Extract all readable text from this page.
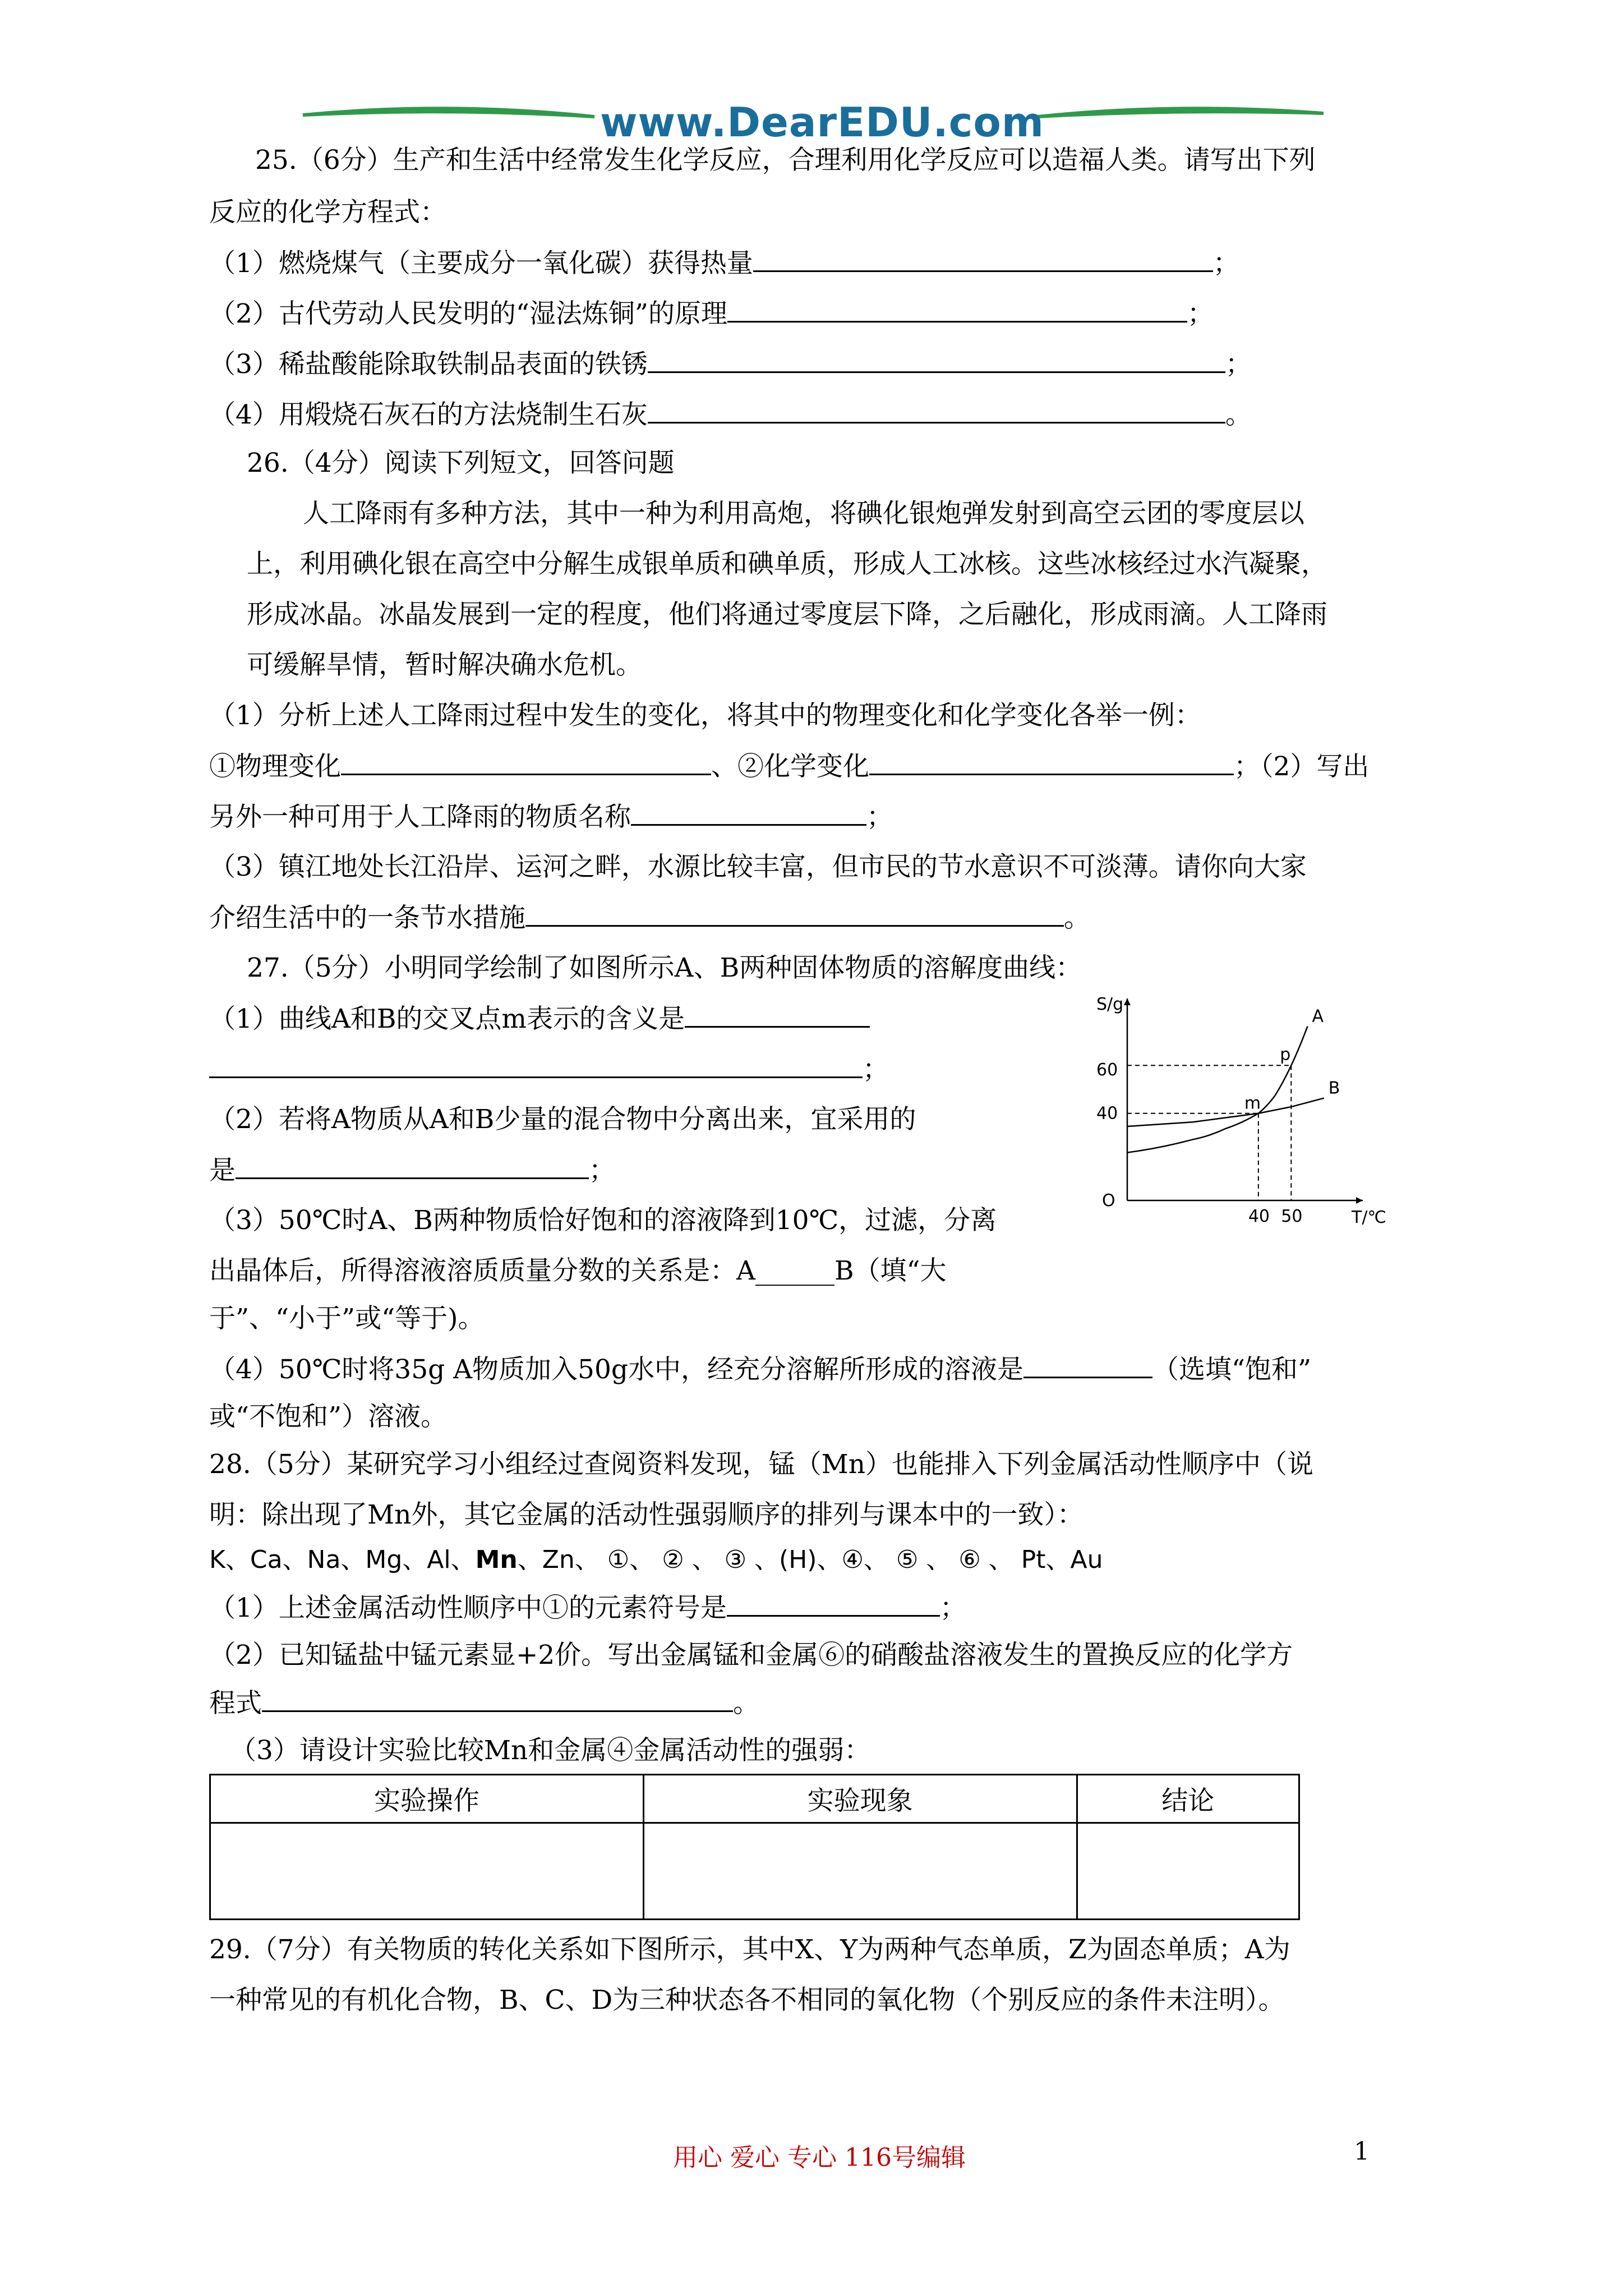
www.DearEDU.com
25.（6分）生产和生活中经常发生化学反应，合理利用化学反应可以造福人类。请写出下列
反应的化学方程式：
（1）燃烧煤气（主要成分一氧化碳）获得热量	；
（2）古代劳动人民发明的“湿法炼铜”的原理	；
（3）稀盐酸能除取铁制品表面的铁锈	；
（4）用煅烧石灰石的方法烧制生石灰	。
26.（4分）阅读下列短文，回答问题
人工降雨有多种方法，其中一种为利用高炮，将碘化银炮弹发射到高空云团的零度层以
上，利用碘化银在高空中分解生成银单质和碘单质，形成人工冰核。这些冰核经过水汽凝聚，
形成冰晶。冰晶发展到一定的程度，他们将通过零度层下降，之后融化，形成雨滴。人工降雨
可缓解旱情，暂时解决确水危机。
（1）分析上述人工降雨过程中发生的变化，将其中的物理变化和化学变化各举一例：
①物理变化	、②化学变化	；（2）写出
另外一种可用于人工降雨的物质名称	；
（3）镇江地处长江沿岸、运河之畔，水源比较丰富，但市民的节水意识不可淡薄。请你向大家
介绍生活中的一条节水措施	。
27.（5分）小明同学绘制了如图所示A、B两种固体物质的溶解度曲线：
（1）曲线A和B的交叉点m表示的含义是
；
（2）若将A物质从A和B少量的混合物中分离出来，宜采用的
是	；
（3）50℃时A、B两种物质恰好饱和的溶液降到10℃，过滤，分离
出晶体后，所得溶液溶质质量分数的关系是：A______B（填“大
于”、“小于”或“等于)。
（4）50℃时将35g A物质加入50g水中，经充分溶解所形成的溶液是	（选填“饱和”
或“不饱和”）溶液。
S/g
T/℃
O
40
60
40 50
A
B
p
m
28.（5分）某研究学习小组经过查阅资料发现，锰（Mn）也能排入下列金属活动性顺序中（说
明：除出现了Mn外，其它金属的活动性强弱顺序的排列与课本中的一致）：
K、Ca、Na、Mg、Al、Mn、Zn、 ①、 ② 、 ③ 、(H)、④、 ⑤ 、 ⑥ 、 Pt、Au
（1）上述金属活动性顺序中①的元素符号是	；
（2）已知锰盐中锰元素显+2价。写出金属锰和金属⑥的硝酸盐溶液发生的置换反应的化学方
程式	。
（3）请设计实验比较Mn和金属④金属活动性的强弱：
实验操作	实验现象	结论

29.（7分）有关物质的转化关系如下图所示，其中X、Y为两种气态单质，Z为固态单质；A为
一种常见的有机化合物，B、C、D为三种状态各不相同的氧化物（个别反应的条件未注明）。
用心 爱心 专心 116号编辑	1
